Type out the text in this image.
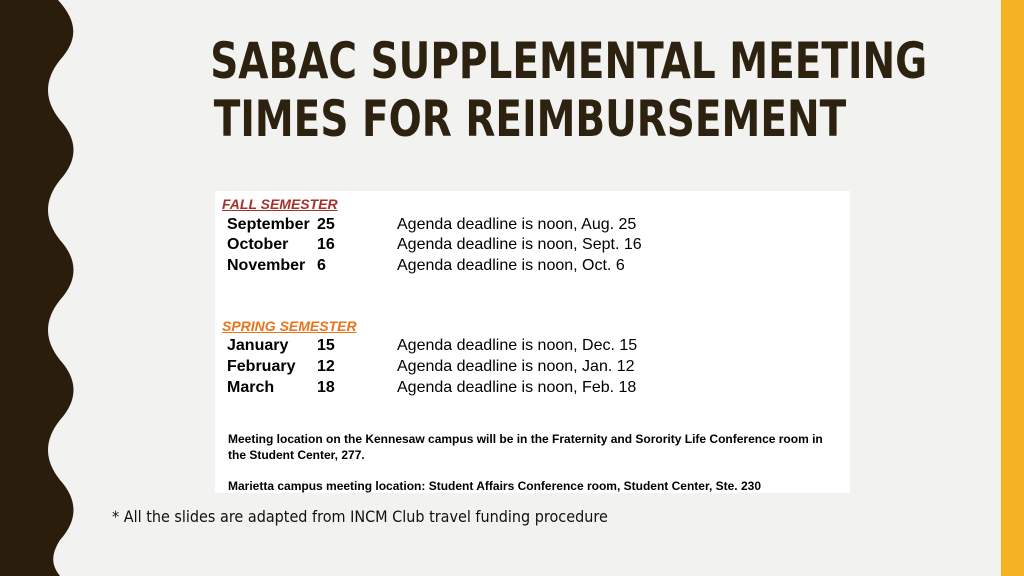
SABAC SUPPLEMENTAL MEETING
TIMES FOR REIMBURSEMENT
FALL SEMESTER
September 25	Agenda deadline is noon, Aug. 25
October 16	Agenda deadline is noon, Sept. 16
November 6	Agenda deadline is noon, Oct. 6
SPRING SEMESTER
January 15	Agenda deadline is noon, Dec. 15
February 12	Agenda deadline is noon, Jan. 12
March	18	Agenda deadline is noon, Feb. 18
Meeting location on the Kennesaw campus will be in the Fraternity and Sorority Life Conference room in the Student Center, 277.
Marietta campus meeting location: Student Affairs Conference room, Student Center, Ste. 230
* All the slides are adapted from INCM Club travel funding procedure
